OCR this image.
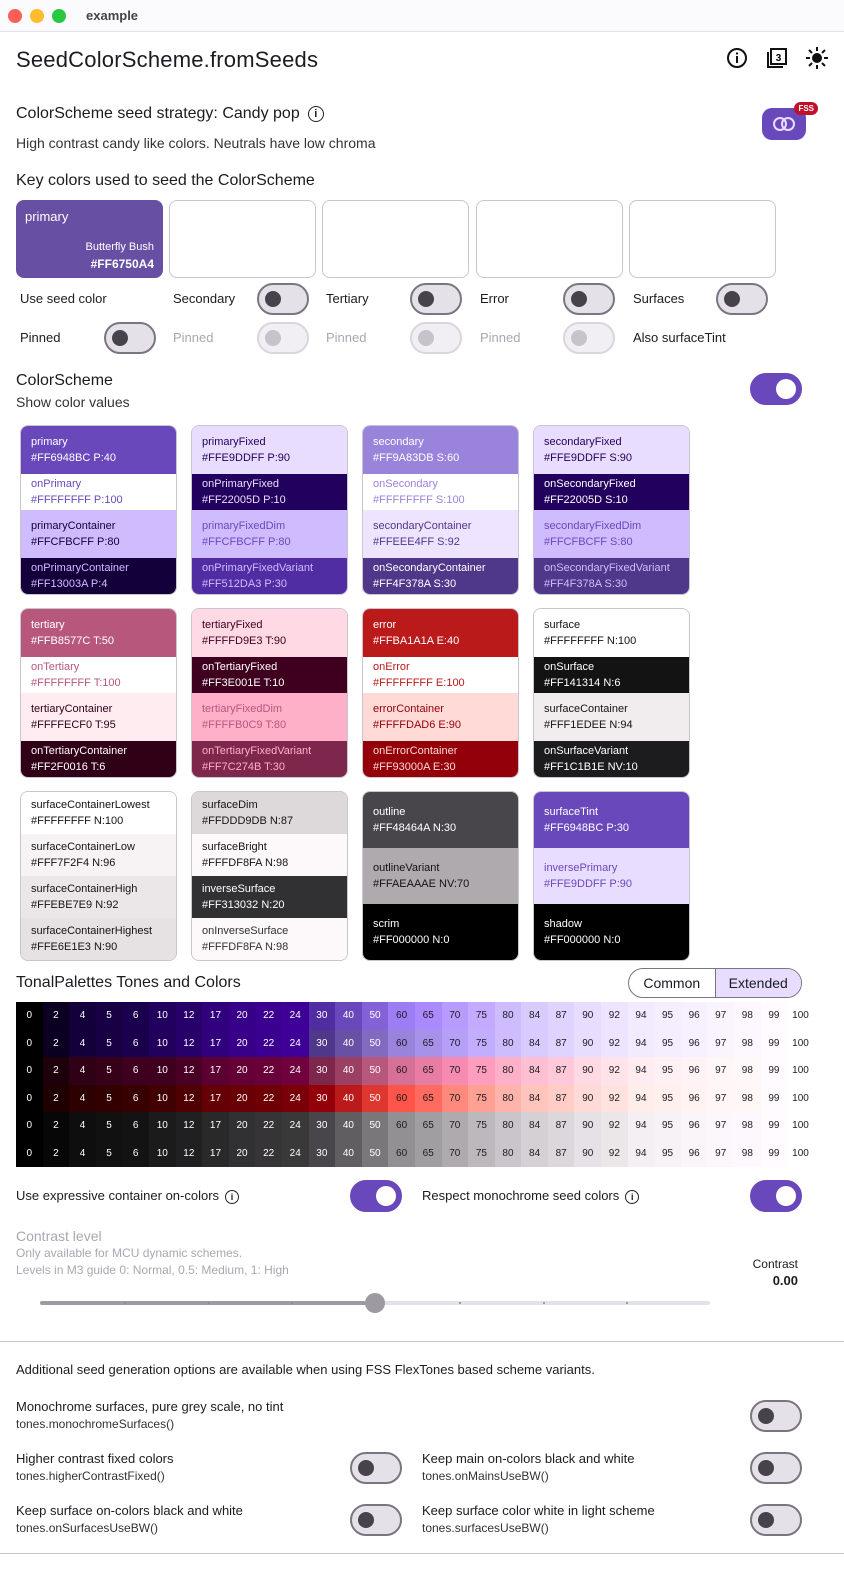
example
SeedColorScheme.fromSeeds	3
ColorScheme seed strategy: Candy pop i
High contrast candy like colors. Neutrals have low chroma
FSS
Key colors used to seed the ColorScheme
primary
Butterfly Bush
#FF6750A4
Use seed color	Secondary	Tertiary	Error	Surfaces
Pinned	Pinned	Pinned	Pinned	Also surfaceTint
ColorScheme
Show color values
primary
#FF6948BC P:40
onPrimary
#FFFFFFFF P:100
primaryContainer
#FFCFBCFF P:80
onPrimaryContainer
#FF13003A P:4
primaryFixed
#FFE9DDFF P:90
onPrimaryFixed
#FF22005D P:10
primaryFixedDim
#FFCFBCFF P:80
onPrimaryFixedVariant
#FF512DA3 P:30
secondary
#FF9A83DB S:60
onSecondary
#FFFFFFFF S:100
secondaryContainer
#FFEEE4FF S:92
onSecondaryContainer
#FF4F378A S:30
secondaryFixed
#FFE9DDFF S:90
onSecondaryFixed
#FF22005D S:10
secondaryFixedDim
#FFCFBCFF S:80
onSecondaryFixedVariant
#FF4F378A S:30
tertiary
#FFB8577C T:50
onTertiary
#FFFFFFFF T:100
tertiaryContainer
#FFFFECF0 T:95
onTertiaryContainer
#FF2F0016 T:6
tertiaryFixed
#FFFFD9E3 T:90
onTertiaryFixed
#FF3E001E T:10
tertiaryFixedDim
#FFFFB0C9 T:80
onTertiaryFixedVariant
#FF7C274B T:30
error
#FFBA1A1A E:40
onError
#FFFFFFFF E:100
errorContainer
#FFFFDAD6 E:90
onErrorContainer
#FF93000A E:30
surface
#FFFFFFFF N:100
onSurface
#FF141314 N:6
surfaceContainer
#FFF1EDEE N:94
onSurfaceVariant
#FF1C1B1E NV:10
surfaceContainerLowest
#FFFFFFFF N:100
surfaceContainerLow
#FFF7F2F4 N:96
surfaceContainerHigh
#FFEBE7E9 N:92
surfaceContainerHighest
#FFE6E1E3 N:90
surfaceDim
#FFDDD9DB N:87
surfaceBright
#FFFDF8FA N:98
inverseSurface
#FF313032 N:20
onInverseSurface
#FFFDF8FA N:98
outline
#FF48464A N:30
outlineVariant
#FFAEAAAE NV:70
scrim
#FF000000 N:0
surfaceTint
#FF6948BC P:30
inversePrimary
#FFE9DDFF P:90
shadow
#FF000000 N:0
TonalPalettes Tones and Colors	Common	Extended
0	2	4	5	6	10	12	17	20	22	24	30	40	50	60	65	70	75	80	84	87	90	92	94	95	96	97	98	99	100
0	2	4	5	6	10	12	17	20	22	24	30	40	50	60	65	70	75	80	84	87	90	92	94	95	96	97	98	99	100
0	2	4	5	6	10	12	17	20	22	24	30	40	50	60	65	70	75	80	84	87	90	92	94	95	96	97	98	99	100
0	2	4	5	6	10	12	17	20	22	24	30	40	50	60	65	70	75	80	84	87	90	92	94	95	96	97	98	99	100
0	2	4	5	6	10	12	17	20	22	24	30	40	50	60	65	70	75	80	84	87	90	92	94	95	96	97	98	99	100
0	2	4	5	6	10	12	17	20	22	24	30	40	50	60	65	70	75	80	84	87	90	92	94	95	96	97	98	99	100
Use expressive container on-colors i	Respect monochrome seed colors i
Contrast level
Only available for MCU dynamic schemes.
Levels in M3 guide 0: Normal, 0.5: Medium, 1: High	Contrast
0.00
Additional seed generation options are available when using FSS FlexTones based scheme variants.
Monochrome surfaces, pure grey scale, no tint
tones.monochromeSurfaces()
Higher contrast fixed colors
tones.higherContrastFixed()
Keep main on-colors black and white
tones.onMainsUseBW()
Keep surface on-colors black and white
tones.onSurfacesUseBW()
Keep surface color white in light scheme
tones.surfacesUseBW()
